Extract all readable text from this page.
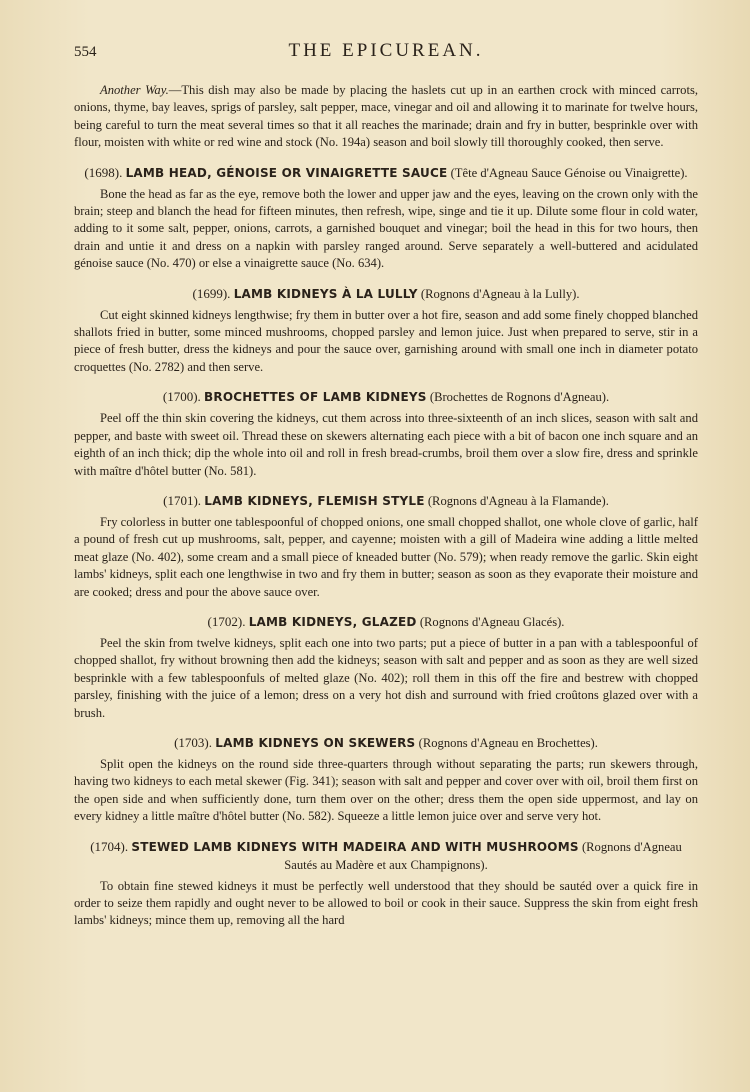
554	THE EPICUREAN.

Another Way.—This dish may also be made by placing the haslets cut up in an earthen crock with minced carrots, onions, thyme, bay leaves, sprigs of parsley, salt pepper, mace, vinegar and oil and allowing it to marinate for twelve hours, being careful to turn the meat several times so that it all reaches the marinade; drain and fry in butter, besprinkle over with flour, moisten with white or red wine and stock (No. 194a) season and boil slowly till thoroughly cooked, then serve.

(1698). LAMB HEAD, GÉNOISE OR VINAIGRETTE SAUCE (Tête d'Agneau Sauce Génoise ou Vinaigrette).

Bone the head as far as the eye, remove both the lower and upper jaw and the eyes, leaving on the crown only with the brain; steep and blanch the head for fifteen minutes, then refresh, wipe, singe and tie it up. Dilute some flour in cold water, adding to it some salt, pepper, onions, carrots, a garnished bouquet and vinegar; boil the head in this for two hours, then drain and untie it and dress on a napkin with parsley ranged around. Serve separately a well-buttered and acidulated génoise sauce (No. 470) or else a vinaigrette sauce (No. 634).

(1699). LAMB KIDNEYS À LA LULLY (Rognons d'Agneau à la Lully).

Cut eight skinned kidneys lengthwise; fry them in butter over a hot fire, season and add some finely chopped blanched shallots fried in butter, some minced mushrooms, chopped parsley and lemon juice. Just when prepared to serve, stir in a piece of fresh butter, dress the kidneys and pour the sauce over, garnishing around with small one inch in diameter potato croquettes (No. 2782) and then serve.

(1700). BROCHETTES OF LAMB KIDNEYS (Brochettes de Rognons d'Agneau).

Peel off the thin skin covering the kidneys, cut them across into three-sixteenth of an inch slices, season with salt and pepper, and baste with sweet oil. Thread these on skewers alternating each piece with a bit of bacon one inch square and an eighth of an inch thick; dip the whole into oil and roll in fresh bread-crumbs, broil them over a slow fire, dress and sprinkle with maître d'hôtel butter (No. 581).

(1701). LAMB KIDNEYS, FLEMISH STYLE (Rognons d'Agneau à la Flamande).

Fry colorless in butter one tablespoonful of chopped onions, one small chopped shallot, one whole clove of garlic, half a pound of fresh cut up mushrooms, salt, pepper, and cayenne; moisten with a gill of Madeira wine adding a little melted meat glaze (No. 402), some cream and a small piece of kneaded butter (No. 579); when ready remove the garlic. Skin eight lambs' kidneys, split each one lengthwise in two and fry them in butter; season as soon as they evaporate their moisture and are cooked; dress and pour the above sauce over.

(1702). LAMB KIDNEYS, GLAZED (Rognons d'Agneau Glacés).

Peel the skin from twelve kidneys, split each one into two parts; put a piece of butter in a pan with a tablespoonful of chopped shallot, fry without browning then add the kidneys; season with salt and pepper and as soon as they are well sized besprinkle with a few tablespoonfuls of melted glaze (No. 402); roll them in this off the fire and bestrew with chopped parsley, finishing with the juice of a lemon; dress on a very hot dish and surround with fried croûtons glazed over with a brush.

(1703). LAMB KIDNEYS ON SKEWERS (Rognons d'Agneau en Brochettes).

Split open the kidneys on the round side three-quarters through without separating the parts; run skewers through, having two kidneys to each metal skewer (Fig. 341); season with salt and pepper and cover over with oil, broil them first on the open side and when sufficiently done, turn them over on the other; dress them the open side uppermost, and lay on every kidney a little maître d'hôtel butter (No. 582). Squeeze a little lemon juice over and serve very hot.

(1704). STEWED LAMB KIDNEYS WITH MADEIRA AND WITH MUSHROOMS (Rognons d'Agneau Sautés au Madère et aux Champignons).

To obtain fine stewed kidneys it must be perfectly well understood that they should be sautéd over a quick fire in order to seize them rapidly and ought never to be allowed to boil or cook in their sauce. Suppress the skin from eight fresh lambs' kidneys; mince them up, removing all the hard
